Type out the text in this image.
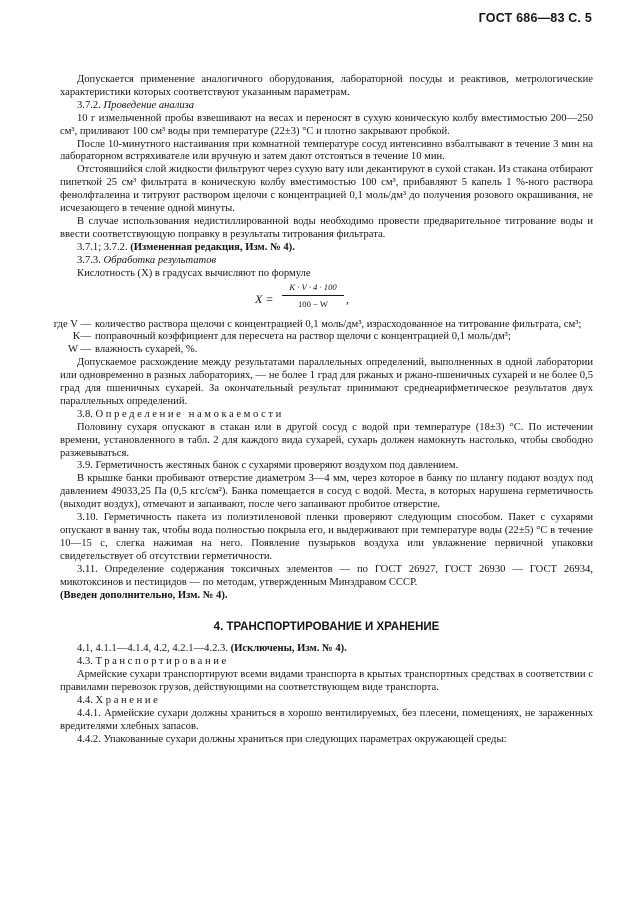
ГОСТ 686—83 С. 5

Допускается применение аналогичного оборудования, лабораторной посуды и реактивов, метрологические характеристики которых соответствуют указанным параметрам.

3.7.2. Проведение анализа

10 г измельченной пробы взвешивают на весах и переносят в сухую коническую колбу вместимостью 200—250 см³, приливают 100 см³ воды при температуре (22±3) °С и плотно закрывают пробкой.

После 10-минутного настаивания при комнатной температуре сосуд интенсивно взбалтывают в течение 3 мин на лабораторном встряхивателе или вручную и затем дают отстояться в течение 10 мин.

Отстоявшийся слой жидкости фильтруют через сухую вату или декантируют в сухой стакан. Из стакана отбирают пипеткой 25 см³ фильтрата в коническую колбу вместимостью 100 см³, прибавляют 5 капель 1 %-ного раствора фенолфталеина и титруют раствором щелочи с концентрацией 0,1 моль/дм³ до получения розового окрашивания, не исчезающего в течение одной минуты.

В случае использования недистиллированной воды необходимо провести предварительное титрование воды и ввести соответствующую поправку в результаты титрования фильтрата.

3.7.1; 3.7.2. (Измененная редакция, Изм. № 4).

3.7.3. Обработка результатов

Кислотность (X) в градусах вычисляют по формуле

X =
K · V · 4 · 100
100 − W	,
где V — количество раствора щелочи с концентрацией 0,1 моль/дм³, израсходованное на титрование фильтрата, см³;
K— поправочный коэффициент для пересчета на раствор щелочи с концентрацией 0,1 моль/дм³;
W — влажность сухарей, %.

Допускаемое расхождение между результатами параллельных определений, выполненных в одной лаборатории или одновременно в разных лабораториях, — не более 1 град для ржаных и ржано-пшеничных сухарей и не более 0,5 град для пшеничных сухарей. За окончательный результат принимают среднеарифметическое результатов двух параллельных определений.

3.8. Определение намокаемости

Половину сухаря опускают в стакан или в другой сосуд с водой при температуре (18±3) °С. По истечении времени, установленного в табл. 2 для каждого вида сухарей, сухарь должен намокнуть настолько, чтобы свободно разжевываться.

3.9. Герметичность жестяных банок с сухарями проверяют воздухом под давлением.

В крышке банки пробивают отверстие диаметром 3—4 мм, через которое в банку по шлангу подают воздух под давлением 49033,25 Па (0,5 кгс/см²). Банка помещается в сосуд с водой. Места, в которых нарушена герметичность (выходит воздух), отмечают и запаивают, после чего запаивают пробитое отверстие.

3.10. Герметичность пакета из полиэтиленовой пленки проверяют следующим способом. Пакет с сухарями опускают в ванну так, чтобы вода полностью покрыла его, и выдерживают при температуре воды (22±5) °С в течение 10—15 с, слегка нажимая на него. Появление пузырьков воздуха или увлажнение первичной упаковки свидетельствует об отсутствии герметичности.

3.11. Определение содержания токсичных элементов — по ГОСТ 26927, ГОСТ 26930 — ГОСТ 26934, микотоксинов и пестицидов — по методам, утвержденным Минздравом СССР.

(Введен дополнительно, Изм. № 4).

4. ТРАНСПОРТИРОВАНИЕ И ХРАНЕНИЕ

4.1, 4.1.1—4.1.4, 4.2, 4.2.1—4.2.3. (Исключены, Изм. № 4).

4.3. Транспортирование

Армейские сухари транспортируют всеми видами транспорта в крытых транспортных средствах в соответствии с правилами перевозок грузов, действующими на соответствующем виде транспорта.

4.4. Хранение

4.4.1. Армейские сухари должны храниться в хорошо вентилируемых, без плесени, помещениях, не зараженных вредителями хлебных запасов.

4.4.2. Упакованные сухари должны храниться при следующих параметрах окружающей среды:
